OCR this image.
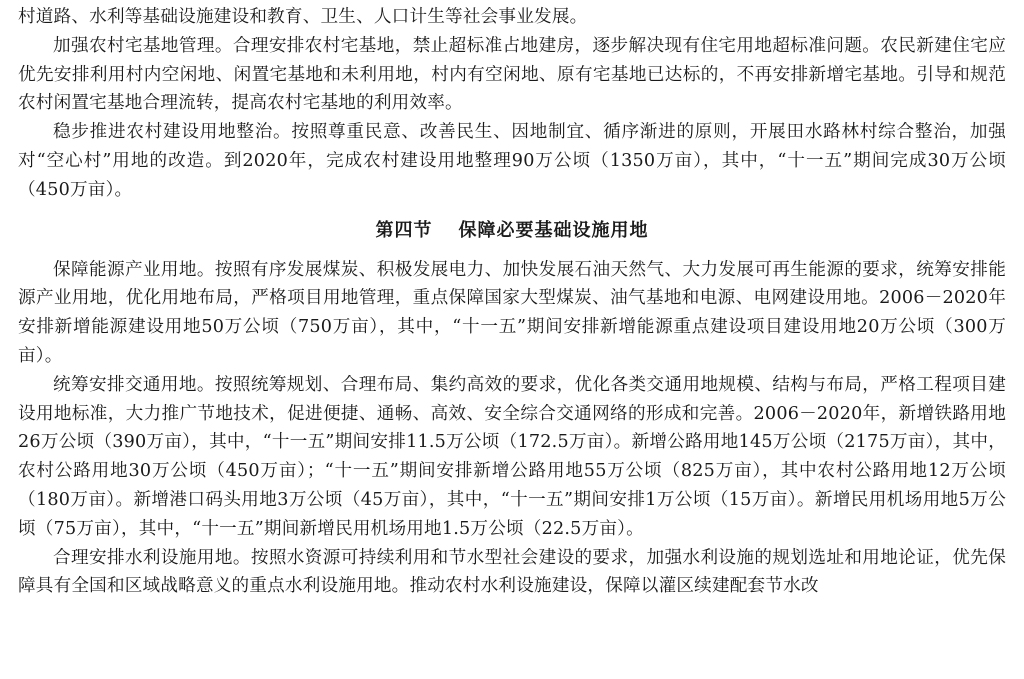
村道路、水利等基础设施建设和教育、卫生、人口计生等社会事业发展。

加强农村宅基地管理。合理安排农村宅基地，禁止超标准占地建房，逐步解决现有住宅用地超标准问题。农民新建住宅应优先安排利用村内空闲地、闲置宅基地和未利用地，村内有空闲地、原有宅基地已达标的，不再安排新增宅基地。引导和规范农村闲置宅基地合理流转，提高农村宅基地的利用效率。

稳步推进农村建设用地整治。按照尊重民意、改善民生、因地制宜、循序渐进的原则，开展田水路林村综合整治，加强对“空心村”用地的改造。到2020年，完成农村建设用地整理90万公顷（1350万亩），其中，“十一五”期间完成30万公顷（450万亩）。

第四节 保障必要基础设施用地

保障能源产业用地。按照有序发展煤炭、积极发展电力、加快发展石油天然气、大力发展可再生能源的要求，统筹安排能源产业用地，优化用地布局，严格项目用地管理，重点保障国家大型煤炭、油气基地和电源、电网建设用地。2006－2020年安排新增能源建设用地50万公顷（750万亩），其中，“十一五”期间安排新增能源重点建设项目建设用地20万公顷（300万亩）。

统筹安排交通用地。按照统筹规划、合理布局、集约高效的要求，优化各类交通用地规模、结构与布局，严格工程项目建设用地标准，大力推广节地技术，促进便捷、通畅、高效、安全综合交通网络的形成和完善。2006－2020年，新增铁路用地26万公顷（390万亩），其中，“十一五”期间安排11.5万公顷（172.5万亩）。新增公路用地145万公顷（2175万亩），其中，农村公路用地30万公顷（450万亩）；“十一五”期间安排新增公路用地55万公顷（825万亩），其中农村公路用地12万公顷（180万亩）。新增港口码头用地3万公顷（45万亩），其中，“十一五”期间安排1万公顷（15万亩）。新增民用机场用地5万公顷（75万亩），其中，“十一五”期间新增民用机场用地1.5万公顷（22.5万亩）。

合理安排水利设施用地。按照水资源可持续利用和节水型社会建设的要求，加强水利设施的规划选址和用地论证，优先保障具有全国和区域战略意义的重点水利设施用地。推动农村水利设施建设，保障以灌区续建配套节水改
